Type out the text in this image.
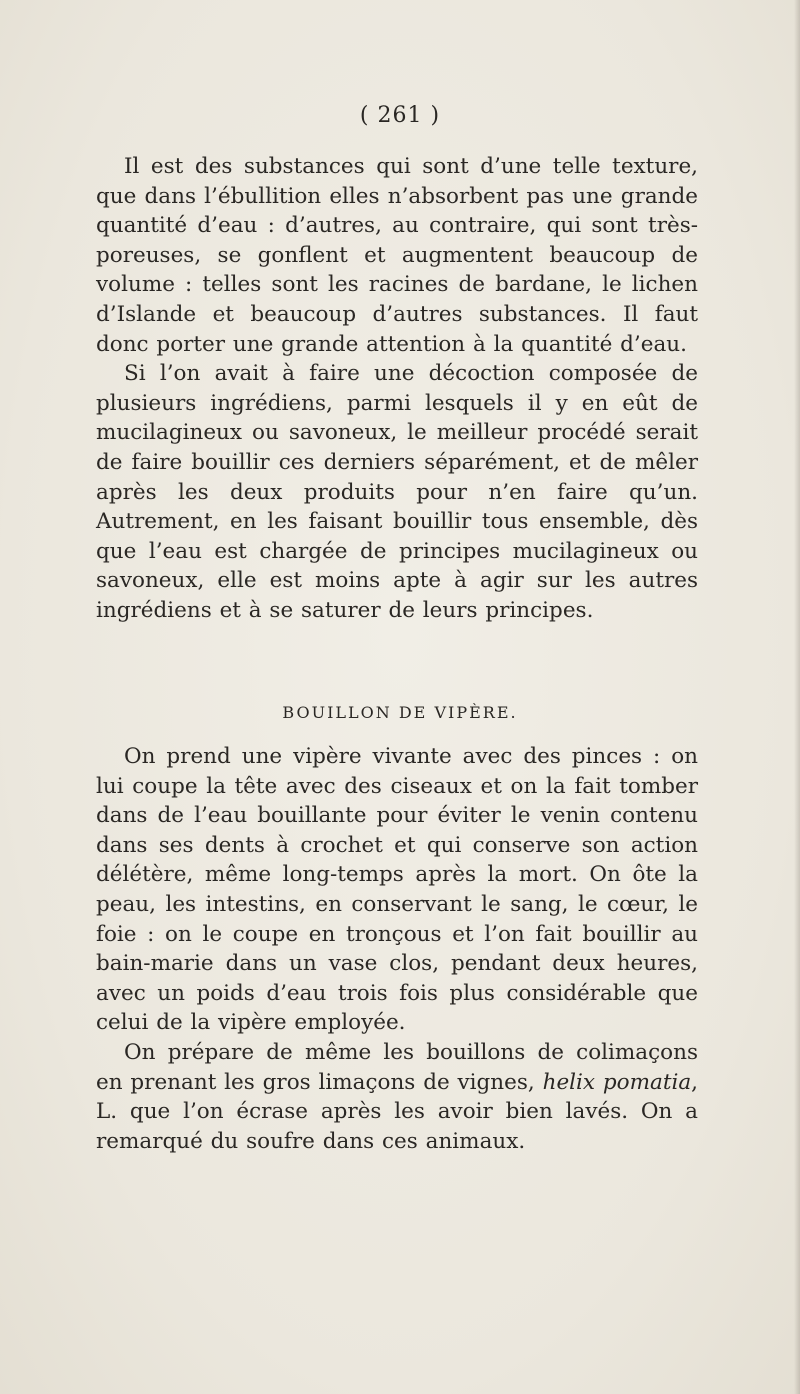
( 261 )

Il est des substances qui sont d’une telle texture, que dans l’ébullition elles n’absorbent pas une grande quantité d’eau : d’autres, au contraire, qui sont très-poreuses, se gonflent et augmentent beaucoup de volume : telles sont les racines de bardane, le lichen d’Islande et beaucoup d’autres substances. Il faut donc porter une grande attention à la quantité d’eau.

Si l’on avait à faire une décoction composée de plusieurs ingrédiens, parmi lesquels il y en eût de mucilagineux ou savoneux, le meilleur procédé serait de faire bouillir ces derniers séparément, et de mêler après les deux produits pour n’en faire qu’un. Autrement, en les faisant bouillir tous ensemble, dès que l’eau est chargée de principes mucilagineux ou savoneux, elle est moins apte à agir sur les autres ingrédiens et à se saturer de leurs principes.

BOUILLON DE VIPÈRE.

On prend une vipère vivante avec des pinces : on lui coupe la tête avec des ciseaux et on la fait tomber dans de l’eau bouillante pour éviter le venin contenu dans ses dents à crochet et qui conserve son action délétère, même long-temps après la mort. On ôte la peau, les intestins, en conservant le sang, le cœur, le foie : on le coupe en tronçous et l’on fait bouillir au bain-marie dans un vase clos, pendant deux heures, avec un poids d’eau trois fois plus considérable que celui de la vipère employée.

On prépare de même les bouillons de colimaçons en prenant les gros limaçons de vignes, helix pomatia, L. que l’on écrase après les avoir bien lavés. On a remarqué du soufre dans ces animaux.
